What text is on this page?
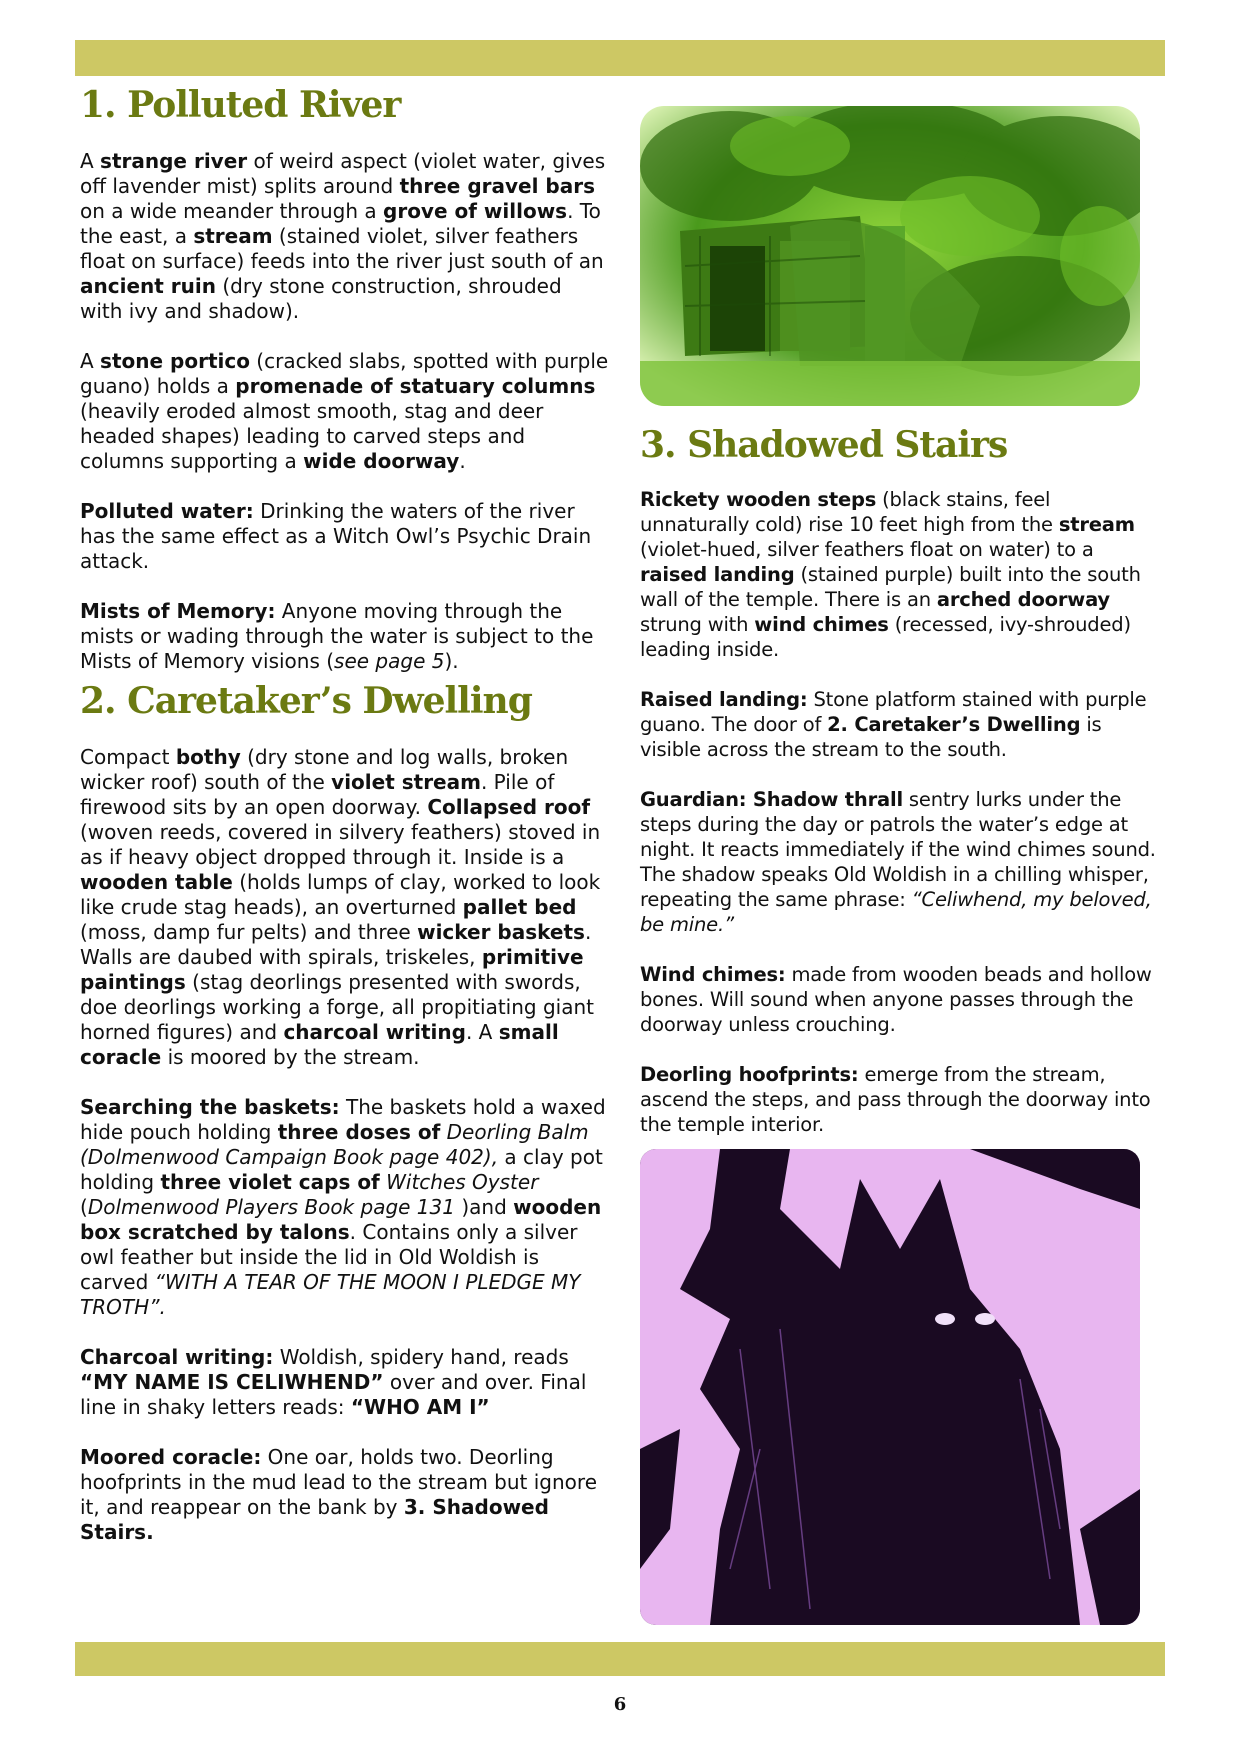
1. Polluted River

A strange river of weird aspect (violet water, gives off lavender mist) splits around three gravel bars on a wide meander through a grove of willows. To the east, a stream (stained violet, silver feathers float on surface) feeds into the river just south of an ancient ruin (dry stone construction, shrouded with ivy and shadow).

A stone portico (cracked slabs, spotted with purple guano) holds a promenade of statuary columns (heavily eroded almost smooth, stag and deer headed shapes) leading to carved steps and columns supporting a wide doorway.

Polluted water: Drinking the waters of the river has the same effect as a Witch Owl’s Psychic Drain attack.

Mists of Memory: Anyone moving through the mists or wading through the water is subject to the Mists of Memory visions (see page 5).

2. Caretaker’s Dwelling

Compact bothy (dry stone and log walls, broken wicker roof) south of the violet stream. Pile of firewood sits by an open doorway. Collapsed roof (woven reeds, covered in silvery feathers) stoved in as if heavy object dropped through it. Inside is a wooden table (holds lumps of clay, worked to look like crude stag heads), an overturned pallet bed (moss, damp fur pelts) and three wicker baskets. Walls are daubed with spirals, triskeles, primitive paintings (stag deorlings presented with swords, doe deorlings working a forge, all propitiating giant horned figures) and charcoal writing. A small coracle is moored by the stream.

Searching the baskets: The baskets hold a waxed hide pouch holding three doses of Deorling Balm (Dolmenwood Campaign Book page 402), a clay pot holding three violet caps of Witches Oyster (Dolmenwood Players Book page 131 )and wooden box scratched by talons. Contains only a silver owl feather but inside the lid in Old Woldish is carved “WITH A TEAR OF THE MOON I PLEDGE MY TROTH”.

Charcoal writing: Woldish, spidery hand, reads “MY NAME IS CELIWHEND” over and over. Final line in shaky letters reads: “WHO AM I”

Moored coracle: One oar, holds two. Deorling hoofprints in the mud lead to the stream but ignore it, and reappear on the bank by 3. Shadowed Stairs.

3. Shadowed Stairs

Rickety wooden steps (black stains, feel unnaturally cold) rise 10 feet high from the stream (violet-hued, silver feathers float on water) to a raised landing (stained purple) built into the south wall of the temple. There is an arched doorway strung with wind chimes (recessed, ivy-shrouded) leading inside.

Raised landing: Stone platform stained with purple guano. The door of 2. Caretaker’s Dwelling is visible across the stream to the south.

Guardian: Shadow thrall sentry lurks under the steps during the day or patrols the water’s edge at night. It reacts immediately if the wind chimes sound. The shadow speaks Old Woldish in a chilling whisper, repeating the same phrase: “Celiwhend, my beloved, be mine.”

Wind chimes: made from wooden beads and hollow bones. Will sound when anyone passes through the doorway unless crouching.

Deorling hoofprints: emerge from the stream, ascend the steps, and pass through the doorway into the temple interior.

6
